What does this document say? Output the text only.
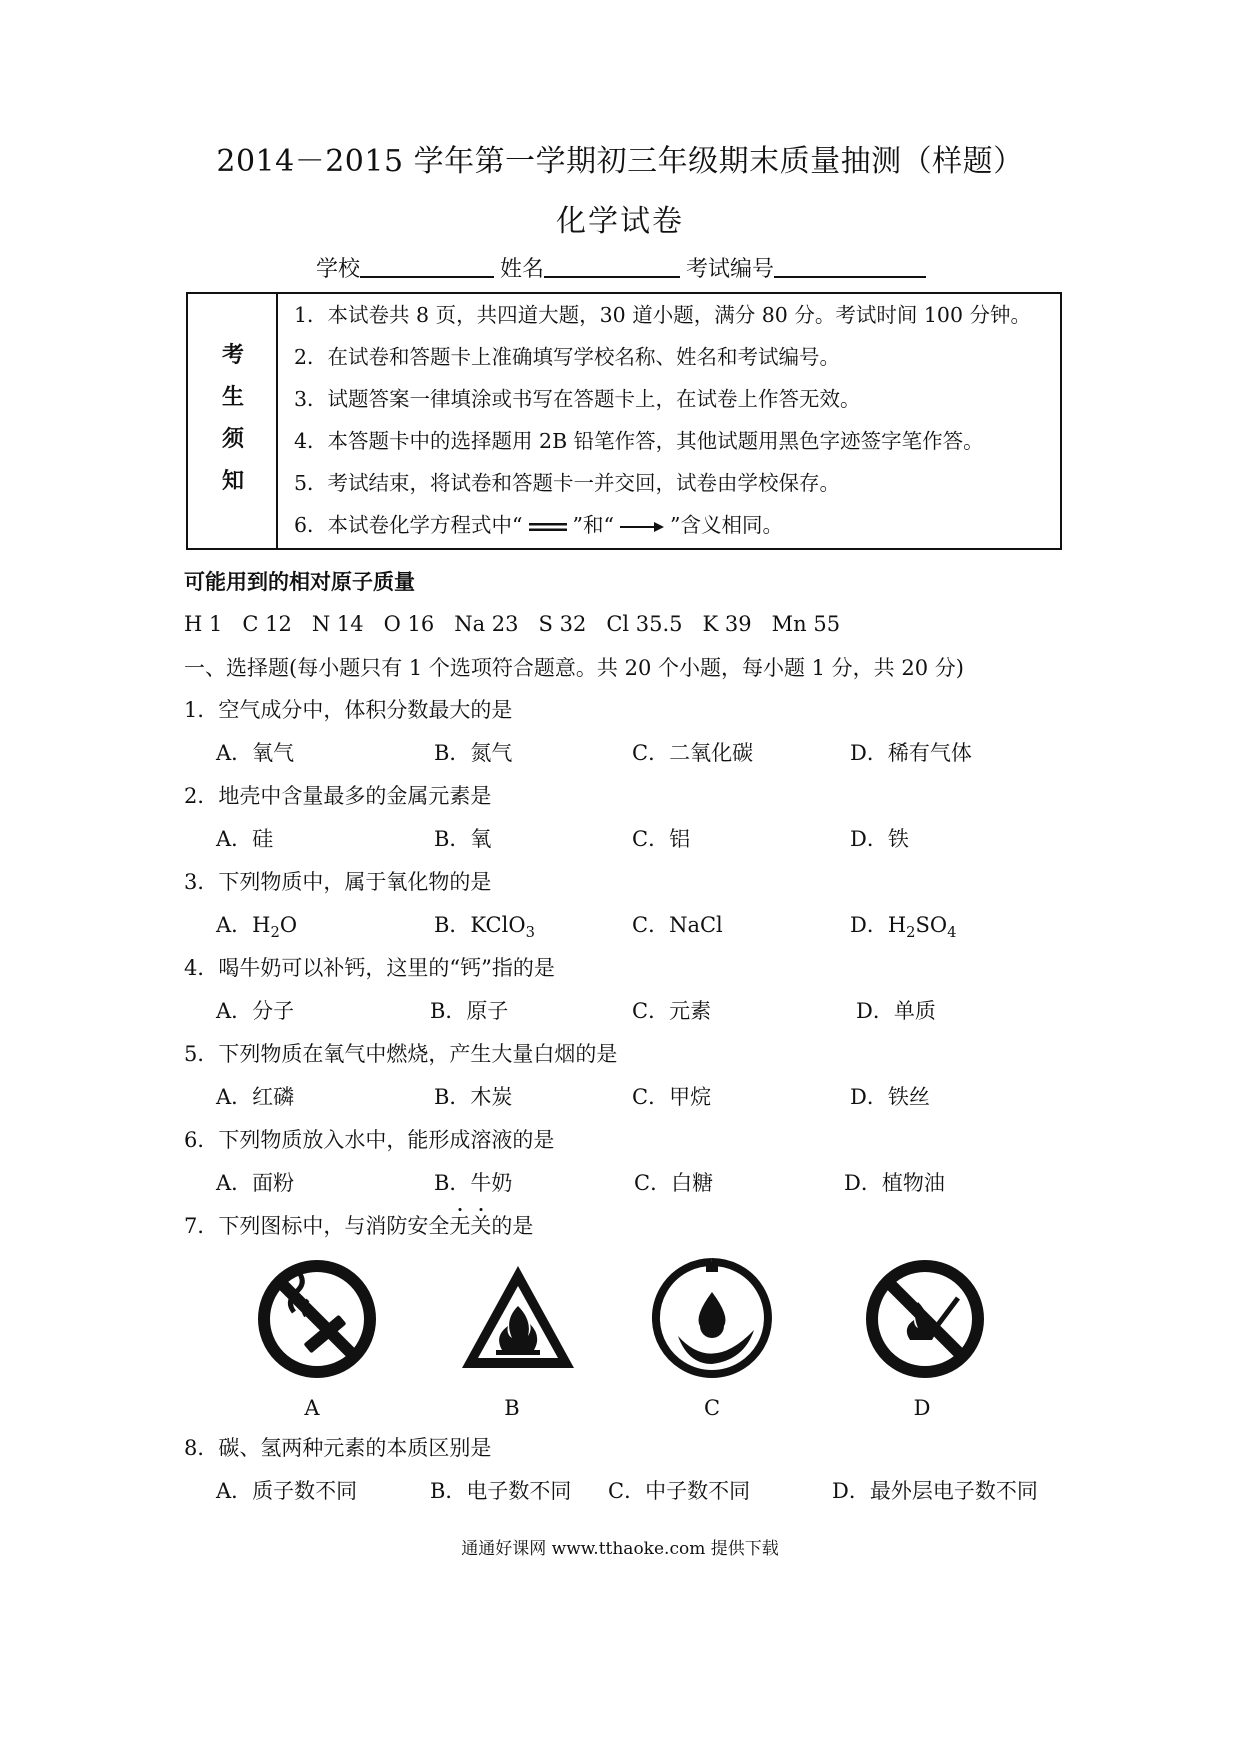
2014－2015 学年第一学期初三年级期末质量抽测（样题）
化学试卷
学校	姓名	考试编号
考
生
须
知
1．本试卷共 8 页，共四道大题，30 道小题，满分 80 分。考试时间 100 分钟。
2．在试卷和答题卡上准确填写学校名称、姓名和考试编号。
3．试题答案一律填涂或书写在答题卡上，在试卷上作答无效。
4．本答题卡中的选择题用 2B 铅笔作答，其他试题用黑色字迹签字笔作答。
5．考试结束，将试卷和答题卡一并交回，试卷由学校保存。
6．本试卷化学方程式中“ ”和“ → ”含义相同。
可能用到的相对原子质量
H 1 C 12 N 14 O 16 Na 23 S 32 Cl 35.5 K 39 Mn 55
一、选择题(每小题只有 1 个选项符合题意。共 20 个小题，每小题 1 分，共 20 分)
1．空气成分中，体积分数最大的是
A．氧气	B．氮气	C．二氧化碳	D．稀有气体
2．地壳中含量最多的金属元素是
A．硅	B．氧	C．铝	D．铁
3．下列物质中，属于氧化物的是
A．$H_2O$	B．KClO$_3$	C．NaCl	D．$H_2SO_4$
4．喝牛奶可以补钙，这里的“钙”指的是
A．分子	B．原子	C．元素	D．单质
5．下列物质在氧气中燃烧，产生大量白烟的是
A．红磷	B．木炭	C．甲烷	D．铁丝
6．下列物质放入水中，能形成溶液的是
A．面粉	B．牛奶	C．白糖	D．植物油
7．下列图标中，与消防安全无关的是
A	B	C	D
8．碳、氢两种元素的本质区别是
A．质子数不同	B．电子数不同 C．中子数不同	D．最外层电子数不同
通通好课网 www.tthaoke.com 提供下载
